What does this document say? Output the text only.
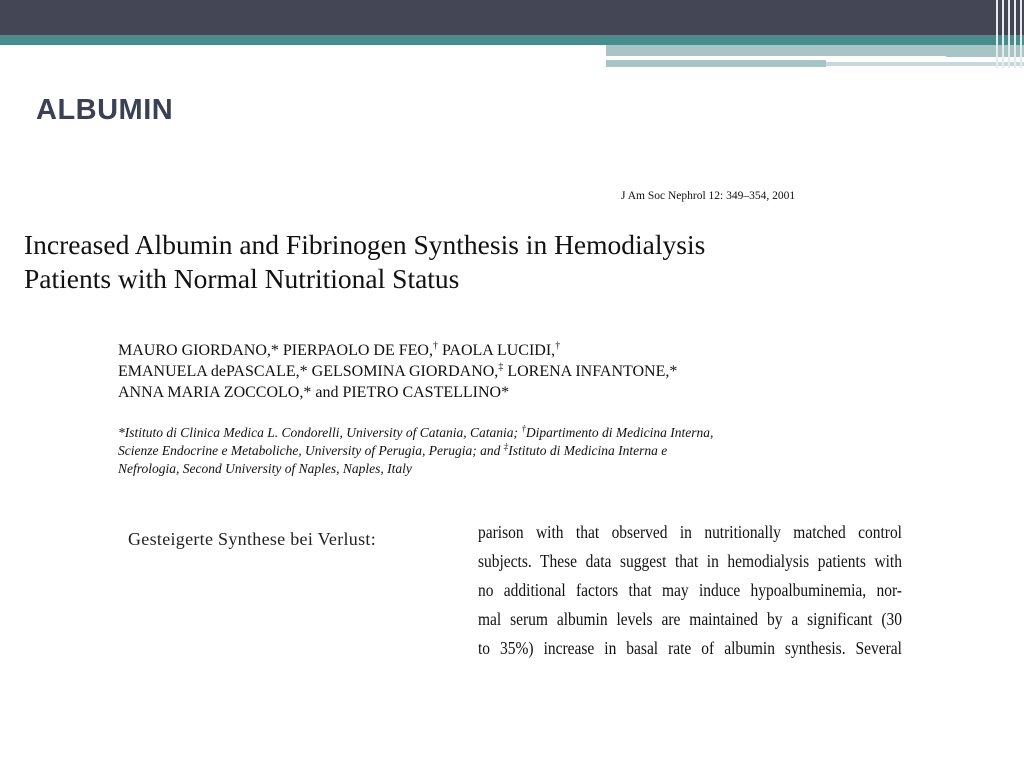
ALBUMIN
J Am Soc Nephrol 12: 349–354, 2001
Increased Albumin and Fibrinogen Synthesis in Hemodialysis
Patients with Normal Nutritional Status
MAURO GIORDANO,* PIERPAOLO DE FEO,† PAOLA LUCIDI,†
EMANUELA dePASCALE,* GELSOMINA GIORDANO,‡ LORENA INFANTONE,*
ANNA MARIA ZOCCOLO,* and PIETRO CASTELLINO*
*Istituto di Clinica Medica L. Condorelli, University of Catania, Catania; †Dipartimento di Medicina Interna,
Scienze Endocrine e Metaboliche, University of Perugia, Perugia; and ‡Istituto di Medicina Interna e
Nefrologia, Second University of Naples, Naples, Italy
Gesteigerte Synthese bei Verlust:	parison with that observed in nutritionally matched control
subjects. These data suggest that in hemodialysis patients with
no additional factors that may induce hypoalbuminemia, nor-
mal serum albumin levels are maintained by a significant (30
to 35%) increase in basal rate of albumin synthesis. Several
